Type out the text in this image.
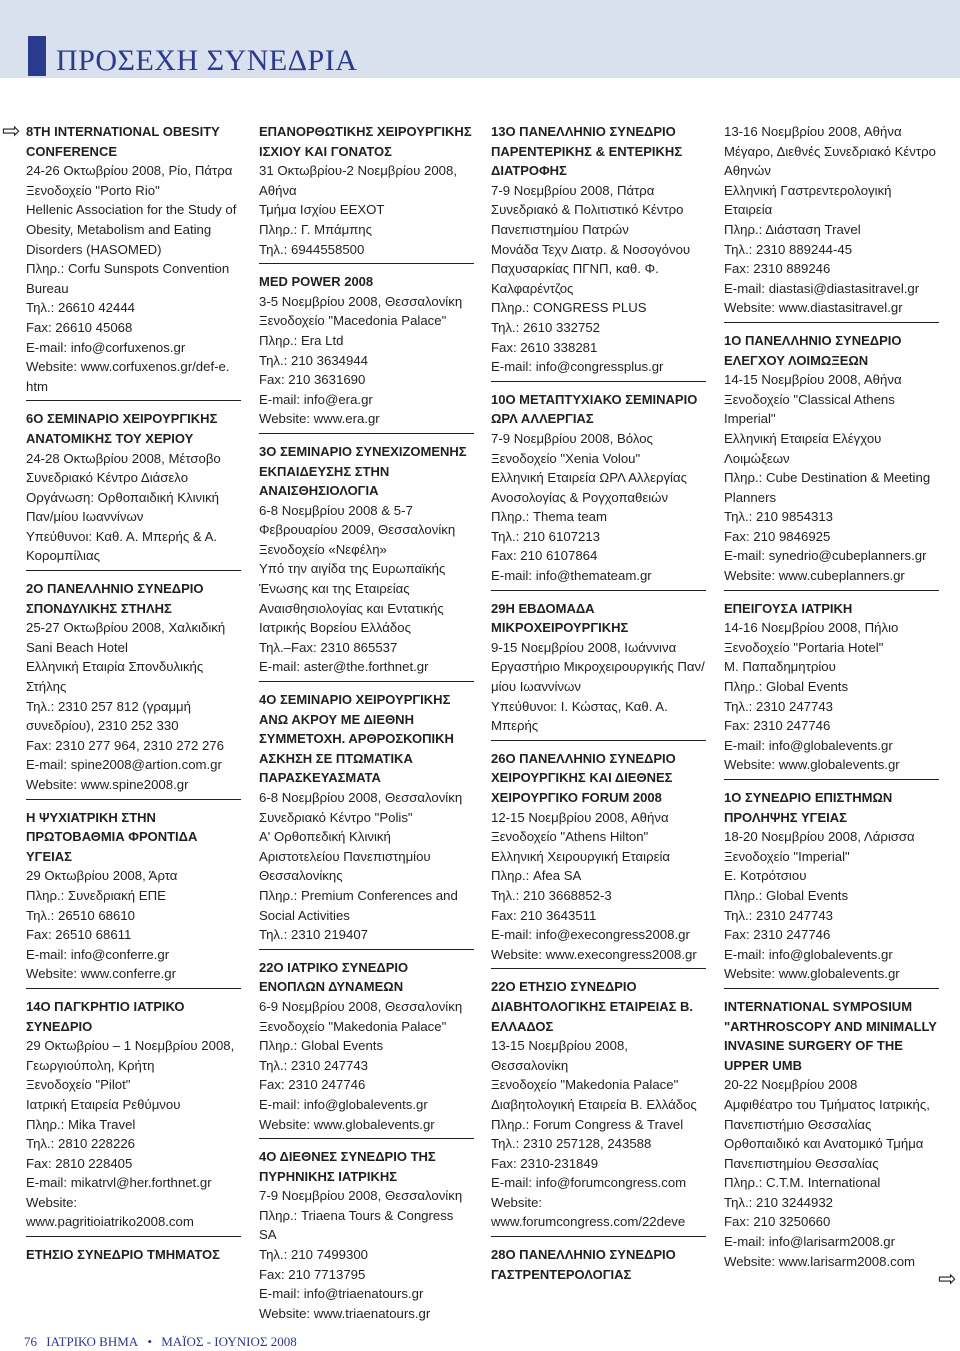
ΠΡΟΣΕΧΗ ΣΥΝΕΔΡΙΑ
⇨
⇨
8TH INTERNATIONAL OBESITY CONFERENCE
24-26 Οκτωβρίου 2008, Ρίο, Πάτρα
Ξενοδοχείο "Porto Rio"
Hellenic Association for the Study of Obesity, Metabolism and Eating Disorders (HASOMED)
Πληρ.: Corfu Sunspots Convention Bureau
Τηλ.: 26610 42444
Fax: 26610 45068
E-mail: info@corfuxenos.gr
Website: www.corfuxenos.gr/def-e. htm
6Ο ΣΕΜΙΝΑΡΙΟ ΧΕΙΡΟΥΡΓΙΚΗΣ ΑΝΑΤΟΜΙΚΗΣ ΤΟΥ ΧΕΡΙΟΥ
24-28 Οκτωβρίου 2008, Μέτσοβο
Συνεδριακό Κέντρο Διάσελο
Οργάνωση: Ορθοπαιδική Κλινική Παν/μίου Ιωαννίνων
Υπεύθυνοι: Καθ. Α. Μπερής & Α. Κορομπίλιας
2Ο ΠΑΝΕΛΛΗΝΙΟ ΣΥΝΕΔΡΙΟ ΣΠΟΝΔΥΛΙΚΗΣ ΣΤΗΛΗΣ
25-27 Οκτωβρίου 2008, Χαλκιδική
Sani Beach Hotel
Ελληνική Εταιρία Σπονδυλικής Στήλης
Τηλ.: 2310 257 812 (γραμμή συνεδρίου), 2310 252 330
Fax: 2310 277 964, 2310 272 276
E-mail: spine2008@artion.com.gr
Website: www.spine2008.gr
Η ΨΥΧΙΑΤΡΙΚΗ ΣΤΗΝ ΠΡΩΤΟΒΑΘΜΙΑ ΦΡΟΝΤΙΔΑ ΥΓΕΙΑΣ
29 Οκτωβρίου 2008, Άρτα
Πληρ.: Συνεδριακή ΕΠΕ
Τηλ.: 26510 68610
Fax: 26510 68611
E-mail: info@conferre.gr
Website: www.conferre.gr
14Ο ΠΑΓΚΡΗΤΙΟ ΙΑΤΡΙΚΟ ΣΥΝΕΔΡΙΟ
29 Οκτωβρίου – 1 Νοεμβρίου 2008, Γεωργιούπολη, Κρήτη
Ξενοδοχείο "Pilot"
Ιατρική Εταιρεία Ρεθύμνου
Πληρ.: Mika Travel
Τηλ.: 2810 228226
Fax: 2810 228405
E-mail: mikatrvl@her.forthnet.gr
Website: www.pagritioiatriko2008.com
ΕΤΗΣΙΟ ΣΥΝΕΔΡΙΟ ΤΜΗΜΑΤΟΣ
ΕΠΑΝΟΡΘΩΤΙΚΗΣ ΧΕΙΡΟΥΡΓΙΚΗΣ ΙΣΧΙΟΥ ΚΑΙ ΓΟΝΑΤΟΣ
31 Οκτωβρίου-2 Νοεμβρίου 2008, Αθήνα
Τμήμα Ισχίου ΕΕΧΟΤ
Πληρ.: Γ. Μπάμπης
Τηλ.: 6944558500
MED POWER 2008
3-5 Νοεμβρίου 2008, Θεσσαλονίκη
Ξενοδοχείο "Macedonia Palace"
Πληρ.: Era Ltd
Τηλ.: 210 3634944
Fax: 210 3631690
E-mail: info@era.gr
Website: www.era.gr
3Ο ΣΕΜΙΝΑΡΙΟ ΣΥΝΕΧΙΖΟΜΕΝΗΣ ΕΚΠΑΙΔΕΥΣΗΣ ΣΤΗΝ ΑΝΑΙΣΘΗΣΙΟΛΟΓΙΑ
6-8 Νοεμβρίου 2008 & 5-7 Φεβρουαρίου 2009, Θεσσαλονίκη
Ξενοδοχείο «Νεφέλη»
Υπό την αιγίδα της Ευρωπαϊκής Ένωσης και της Εταιρείας Αναισθησιολογίας και Εντατικής Ιατρικής Βορείου Ελλάδος
Τηλ.–Fax: 2310 865537
E-mail: aster@the.forthnet.gr
4Ο ΣΕΜΙΝΑΡΙΟ ΧΕΙΡΟΥΡΓΙΚΗΣ ΑΝΩ ΑΚΡΟΥ ΜΕ ΔΙΕΘΝΗ ΣΥΜΜΕΤΟΧΗ. ΑΡΘΡΟΣΚΟΠΙΚΗ ΑΣΚΗΣΗ ΣΕ ΠΤΩΜΑΤΙΚΑ ΠΑΡΑΣΚΕΥΑΣΜΑΤΑ
6-8 Νοεμβρίου 2008, Θεσσαλονίκη
Συνεδριακό Κέντρο "Polis"
Α' Ορθοπεδική Κλινική Αριστοτελείου Πανεπιστημίου Θεσσαλονίκης
Πληρ.: Premium Conferences and Social Activities
Τηλ.: 2310 219407
22Ο ΙΑΤΡΙΚΟ ΣΥΝΕΔΡΙΟ ΕΝΟΠΛΩΝ ΔΥΝΑΜΕΩΝ
6-9 Νοεμβρίου 2008, Θεσσαλονίκη
Ξενοδοχείο "Makedonia Palace"
Πληρ.: Global Events
Τηλ.: 2310 247743
Fax: 2310 247746
E-mail: info@globalevents.gr
Website: www.globalevents.gr
4Ο ΔΙΕΘΝΕΣ ΣΥΝΕΔΡΙΟ ΤΗΣ ΠΥΡΗΝΙΚΗΣ ΙΑΤΡΙΚΗΣ
7-9 Νοεμβρίου 2008, Θεσσαλονίκη
Πληρ.: Triaena Tours & Congress SA
Τηλ.: 210 7499300
Fax: 210 7713795
E-mail: info@triaenatours.gr
Website: www.triaenatours.gr
13Ο ΠΑΝΕΛΛΗΝΙΟ ΣΥΝΕΔΡΙΟ ΠΑΡΕΝΤΕΡΙΚΗΣ & ΕΝΤΕΡΙΚΗΣ ΔΙΑΤΡΟΦΗΣ
7-9 Νοεμβρίου 2008, Πάτρα
Συνεδριακό & Πολιτιστικό Κέντρο Πανεπιστημίου Πατρών
Μονάδα Τεχν Διατρ. & Νοσογόνου Παχυσαρκίας ΠΓΝΠ, καθ. Φ. Καλφαρέντζος
Πληρ.: CONGRESS PLUS
Τηλ.: 2610 332752
Fax: 2610 338281
E-mail: info@congressplus.gr
10Ο ΜΕΤΑΠΤΥΧΙΑΚΟ ΣΕΜΙΝΑΡΙΟ ΩΡΛ ΑΛΛΕΡΓΙΑΣ
7-9 Νοεμβρίου 2008, Βόλος
Ξενοδοχείο "Xenia Volou"
Ελληνική Εταιρεία ΩΡΛ Αλλεργίας Ανοσολογίας & Ρογχοπαθειών
Πληρ.: Thema team
Τηλ.: 210 6107213
Fax: 210 6107864
E-mail: info@themateam.gr
29Η ΕΒΔΟΜΑΔΑ ΜΙΚΡΟΧΕΙΡΟΥΡΓΙΚΗΣ
9-15 Νοεμβρίου 2008, Ιωάννινα
Εργαστήριο Μικροχειρουργικής Παν/μίου Ιωαννίνων
Υπεύθυνοι: Ι. Κώστας, Καθ. Α. Μπερής
26Ο ΠΑΝΕΛΛΗΝΙΟ ΣΥΝΕΔΡΙΟ ΧΕΙΡΟΥΡΓΙΚΗΣ ΚΑΙ ΔΙΕΘΝΕΣ ΧΕΙΡΟΥΡΓΙΚΟ FORUM 2008
12-15 Νοεμβρίου 2008, Αθήνα
Ξενοδοχείο "Athens Hilton"
Ελληνική Χειρουργική Εταιρεία
Πληρ.: Afea SA
Τηλ.: 210 3668852-3
Fax: 210 3643511
E-mail: info@execongress2008.gr
Website: www.execongress2008.gr
22Ο ΕΤΗΣΙΟ ΣΥΝΕΔΡΙΟ ΔΙΑΒΗΤΟΛΟΓΙΚΗΣ ΕΤΑΙΡΕΙΑΣ Β. ΕΛΛΑΔΟΣ
13-15 Νοεμβρίου 2008, Θεσσαλονίκη
Ξενοδοχείο "Makedonia Palace"
Διαβητολογική Εταιρεία Β. Ελλάδος
Πληρ.: Forum Congress & Travel
Τηλ.: 2310 257128, 243588
Fax: 2310-231849
E-mail: info@forumcongress.com
Website: www.forumcongress.com/22deve
28Ο ΠΑΝΕΛΛΗΝΙΟ ΣΥΝΕΔΡΙΟ ΓΑΣΤΡΕΝΤΕΡΟΛΟΓΙΑΣ
13-16 Νοεμβρίου 2008, Αθήνα
Μέγαρο, Διεθνές Συνεδριακό Κέντρο Αθηνών
Ελληνική Γαστρεντερολογική Εταιρεία
Πληρ.: Διάσταση Travel
Τηλ.: 2310 889244-45
Fax: 2310 889246
E-mail: diastasi@diastasitravel.gr
Website: www.diastasitravel.gr
1Ο ΠΑΝΕΛΛΗΝΙΟ ΣΥΝΕΔΡΙΟ ΕΛΕΓΧΟΥ ΛΟΙΜΩΞΕΩΝ
14-15 Νοεμβρίου 2008, Αθήνα
Ξενοδοχείο "Classical Athens Imperial"
Ελληνική Εταιρεία Ελέγχου Λοιμώξεων
Πληρ.: Cube Destination & Meeting Planners
Τηλ.: 210 9854313
Fax: 210 9846925
E-mail: synedrio@cubeplanners.gr
Website: www.cubeplanners.gr
ΕΠΕΙΓΟΥΣΑ ΙΑΤΡΙΚΗ
14-16 Νοεμβρίου 2008, Πήλιο
Ξενοδοχείο "Portaria Hotel"
Μ. Παπαδημητρίου
Πληρ.: Global Events
Τηλ.: 2310 247743
Fax: 2310 247746
E-mail: info@globalevents.gr
Website: www.globalevents.gr
1Ο ΣΥΝΕΔΡΙΟ ΕΠΙΣΤΗΜΩΝ ΠΡΟΛΗΨΗΣ ΥΓΕΙΑΣ
18-20 Νοεμβρίου 2008, Λάρισσα
Ξενοδοχείο "Imperial"
Ε. Κοτρότσιου
Πληρ.: Global Events
Τηλ.: 2310 247743
Fax: 2310 247746
E-mail: info@globalevents.gr
Website: www.globalevents.gr
INTERNATIONAL SYMPOSIUM "ARTHROSCOPY AND MINIMALLY INVASINE SURGERY OF THE UPPER UMB
20-22 Νοεμβρίου 2008
Αμφιθέατρο του Τμήματος Ιατρικής, Πανεπιστήμιο Θεσσαλίας
Ορθοπαιδικό και Ανατομικό Τμήμα Πανεπιστημίου Θεσσαλίας
Πληρ.: C.T.M. International
Τηλ.: 210 3244932
Fax: 210 3250660
E-mail: info@larisarm2008.gr
Website: www.larisarm2008.com
76 ΙΑΤΡΙΚΟ ΒΗΜΑ • ΜΑΪΟΣ - ΙΟΥΝΙΟΣ 2008
